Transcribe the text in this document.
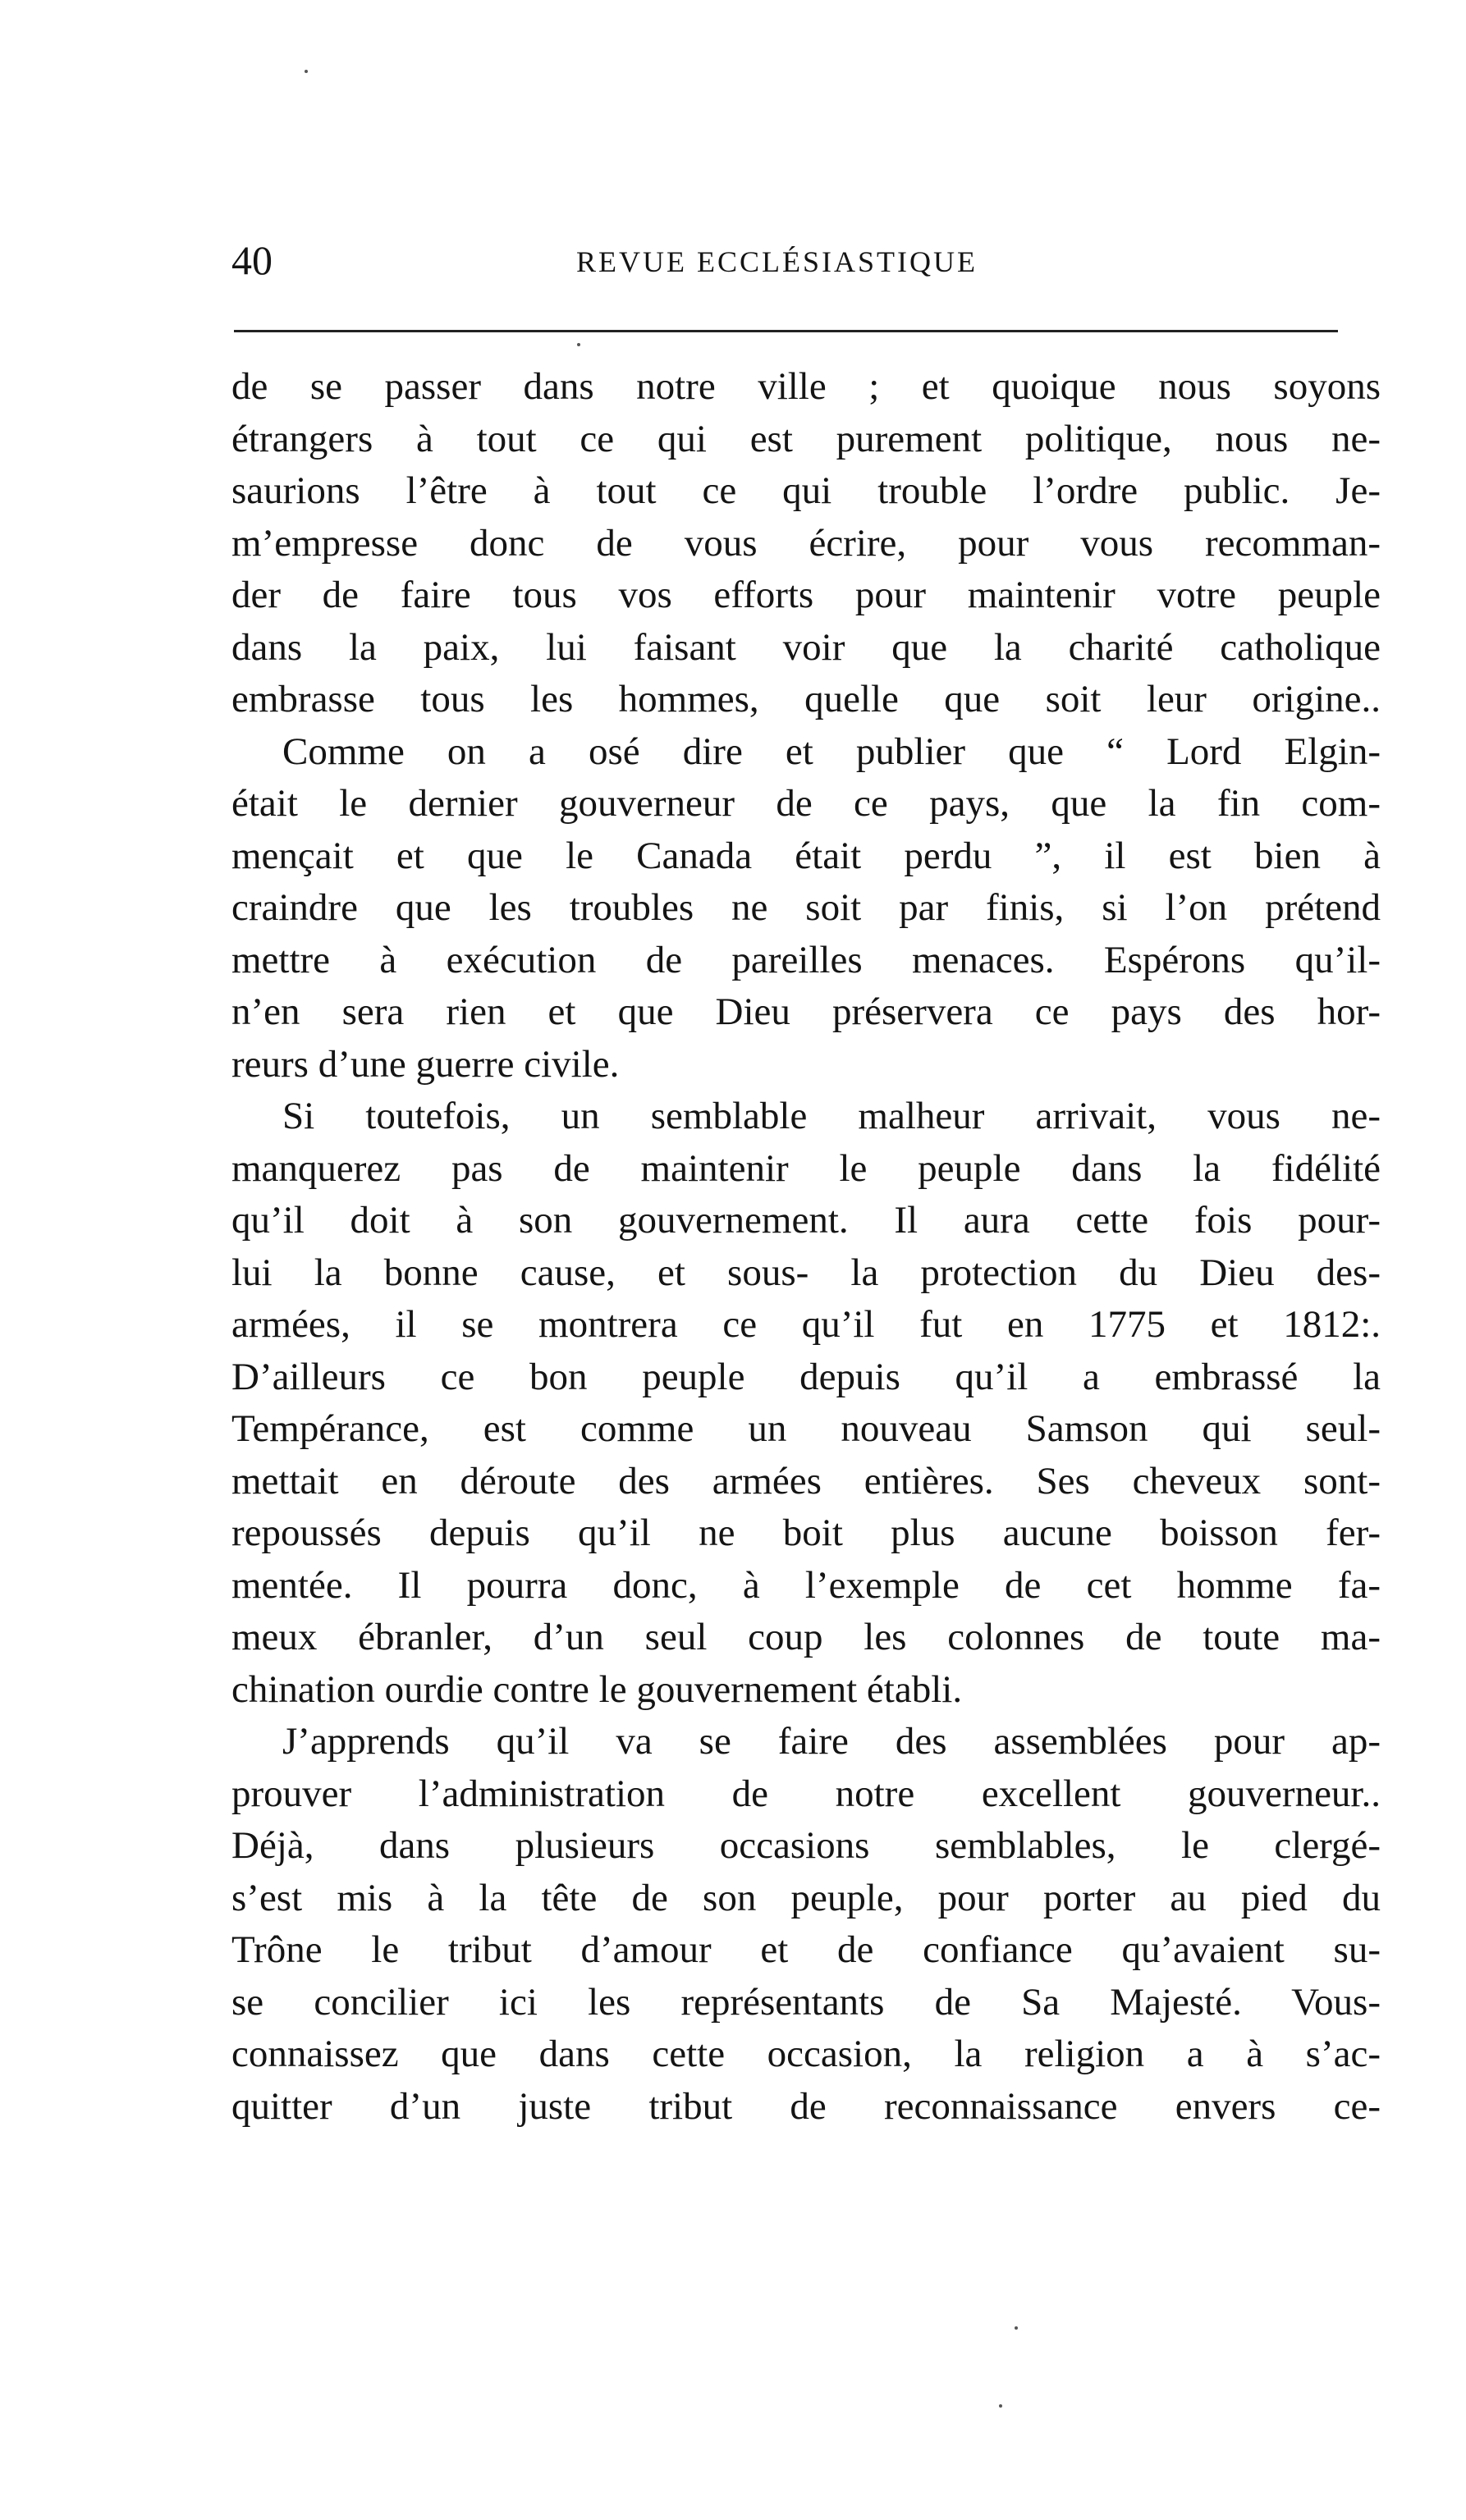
40	REVUE ECCLÉSIASTIQUE
de se passer dans notre ville ; et quoique nous soyons
étrangers à tout ce qui est purement politique, nous ne-
saurions l’être à tout ce qui trouble l’ordre public. Je-
m’empresse donc de vous écrire, pour vous recomman-
der de faire tous vos efforts pour maintenir votre peuple
dans la paix, lui faisant voir que la charité catholique
embrasse tous les hommes, quelle que soit leur origine..
Comme on a osé dire et publier que “ Lord Elgin-
était le dernier gouverneur de ce pays, que la fin com-
mençait et que le Canada était perdu ”, il est bien à
craindre que les troubles ne soit par finis, si l’on prétend
mettre à exécution de pareilles menaces. Espérons qu’il-
n’en sera rien et que Dieu préservera ce pays des hor-
reurs d’une guerre civile.
Si toutefois, un semblable malheur arrivait, vous ne-
manquerez pas de maintenir le peuple dans la fidélité
qu’il doit à son gouvernement. Il aura cette fois pour-
lui la bonne cause, et sous- la protection du Dieu des-
armées, il se montrera ce qu’il fut en 1775 et 1812:.
D’ailleurs ce bon peuple depuis qu’il a embrassé la
Tempérance, est comme un nouveau Samson qui seul-
mettait en déroute des armées entières. Ses cheveux sont-
repoussés depuis qu’il ne boit plus aucune boisson fer-
mentée. Il pourra donc, à l’exemple de cet homme fa-
meux ébranler, d’un seul coup les colonnes de toute ma-
chination ourdie contre le gouvernement établi.
J’apprends qu’il va se faire des assemblées pour ap-
prouver l’administration de notre excellent gouverneur..
Déjà, dans plusieurs occasions semblables, le clergé-
s’est mis à la tête de son peuple, pour porter au pied du
Trône le tribut d’amour et de confiance qu’avaient su-
se concilier ici les représentants de Sa Majesté. Vous-
connaissez que dans cette occasion, la religion a à s’ac-
quitter d’un juste tribut de reconnaissance envers ce-
